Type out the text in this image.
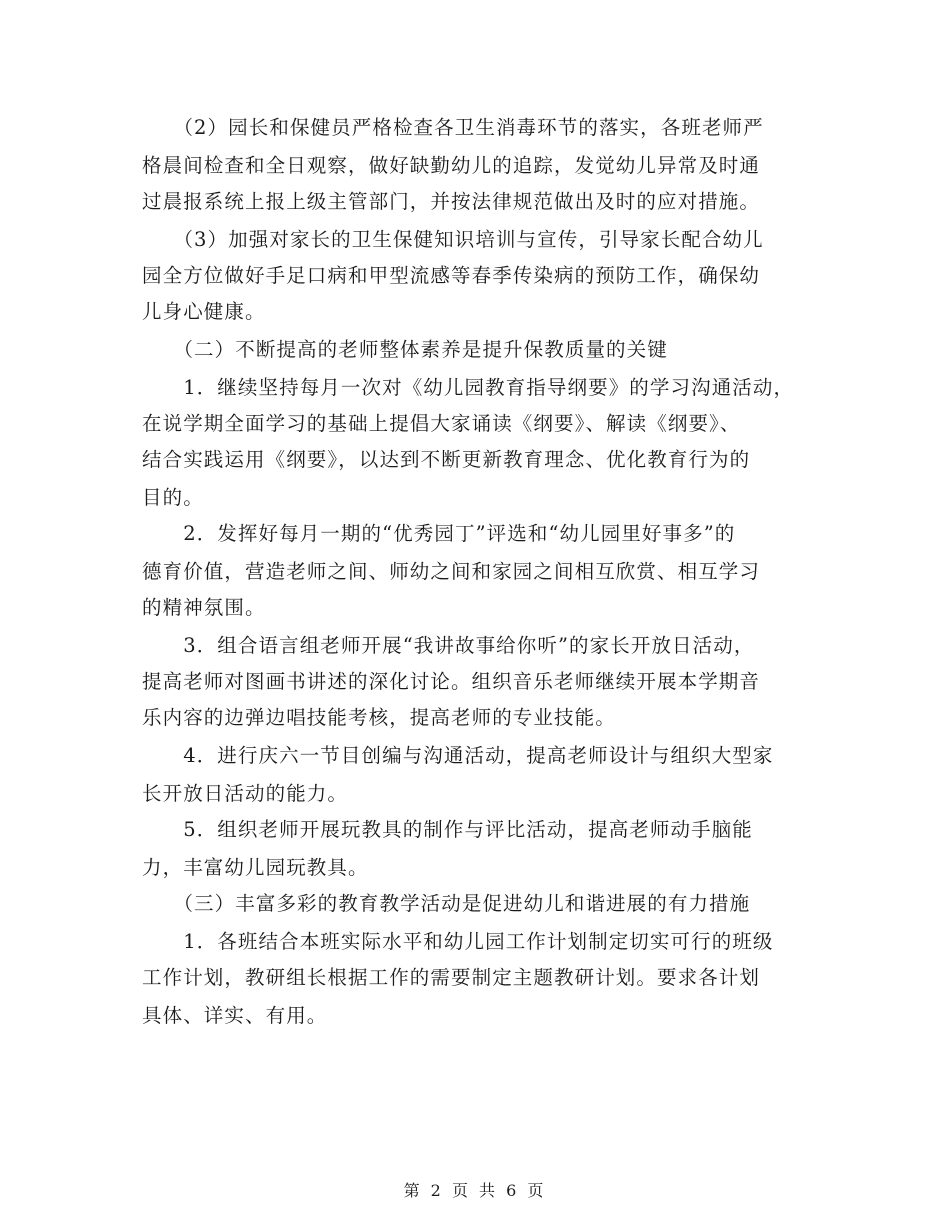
　　（2）园长和保健员严格检查各卫生消毒环节的落实，各班老师严
格晨间检查和全日观察，做好缺勤幼儿的追踪，发觉幼儿异常及时通
过晨报系统上报上级主管部门，并按法律规范做出及时的应对措施。
　　（3）加强对家长的卫生保健知识培训与宣传，引导家长配合幼儿
园全方位做好手足口病和甲型流感等春季传染病的预防工作，确保幼
儿身心健康。
　　（二）不断提高的老师整体素养是提升保教质量的关键
　　1．继续坚持每月一次对《幼儿园教育指导纲要》的学习沟通活动，
在说学期全面学习的基础上提倡大家诵读《纲要》、解读《纲要》、
结合实践运用《纲要》，以达到不断更新教育理念、优化教育行为的
目的。
　　2．发挥好每月一期的“优秀园丁”评选和“幼儿园里好事多”的
德育价值，营造老师之间、师幼之间和家园之间相互欣赏、相互学习
的精神氛围。
　　3．组合语言组老师开展“我讲故事给你听”的家长开放日活动，
提高老师对图画书讲述的深化讨论。组织音乐老师继续开展本学期音
乐内容的边弹边唱技能考核，提高老师的专业技能。
　　4．进行庆六一节目创编与沟通活动，提高老师设计与组织大型家
长开放日活动的能力。
　　5．组织老师开展玩教具的制作与评比活动，提高老师动手脑能
力，丰富幼儿园玩教具。
　　（三）丰富多彩的教育教学活动是促进幼儿和谐进展的有力措施
　　1．各班结合本班实际水平和幼儿园工作计划制定切实可行的班级
工作计划，教研组长根据工作的需要制定主题教研计划。要求各计划
具体、详实、有用。
第 2 页 共 6 页
